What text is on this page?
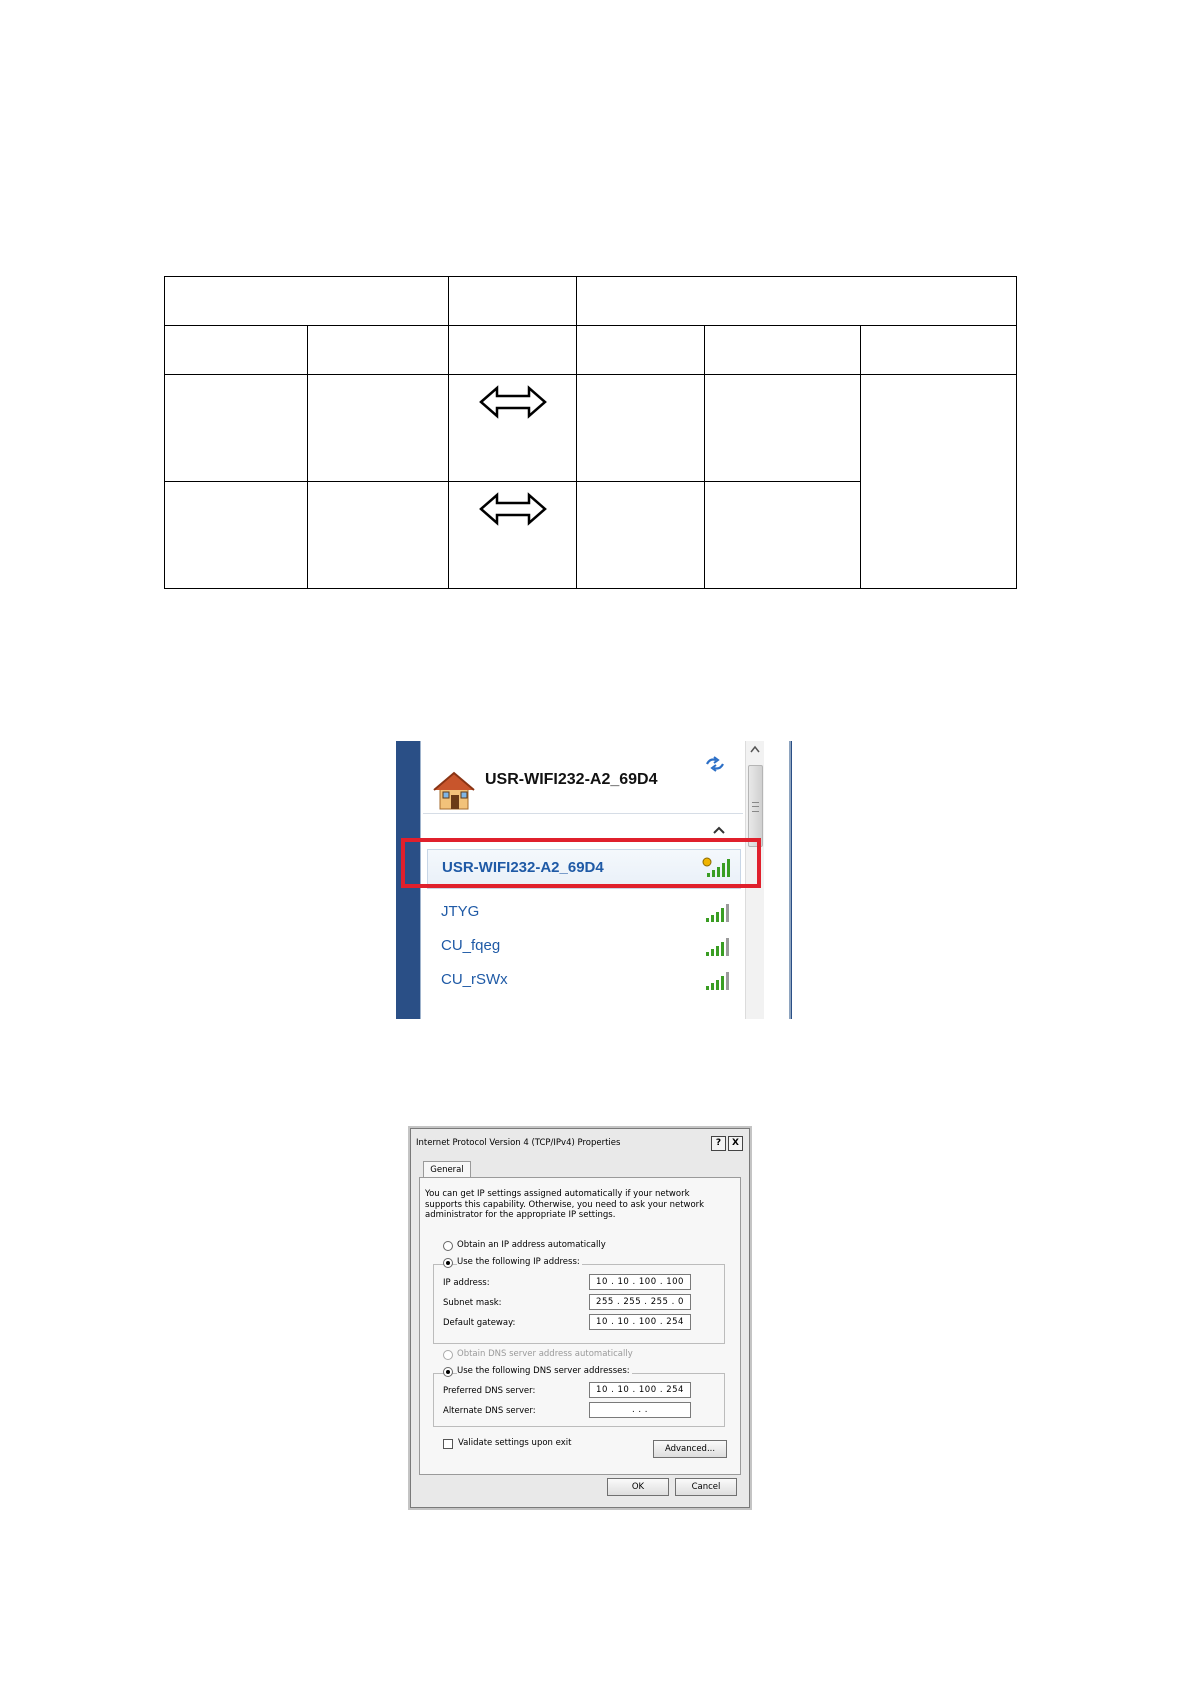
USR-WIFI232-A2_69D4
USR-WIFI232-A2_69D4
JTYG
CU_fqeg
CU_rSWx
Internet Protocol Version 4 (TCP/IPv4) Properties	?	X
General
You can get IP settings assigned automatically if your network supports this capability. Otherwise, you need to ask your network administrator for the appropriate IP settings.
Obtain an IP address automatically
Use the following IP address:
IP address:	10 . 10 . 100 . 100
Subnet mask:	255 . 255 . 255 . 0
Default gateway:	10 . 10 . 100 . 254
Obtain DNS server address automatically
Use the following DNS server addresses:
Preferred DNS server:	10 . 10 . 100 . 254
Alternate DNS server:	. . .
Validate settings upon exit
Advanced...
OK	Cancel
